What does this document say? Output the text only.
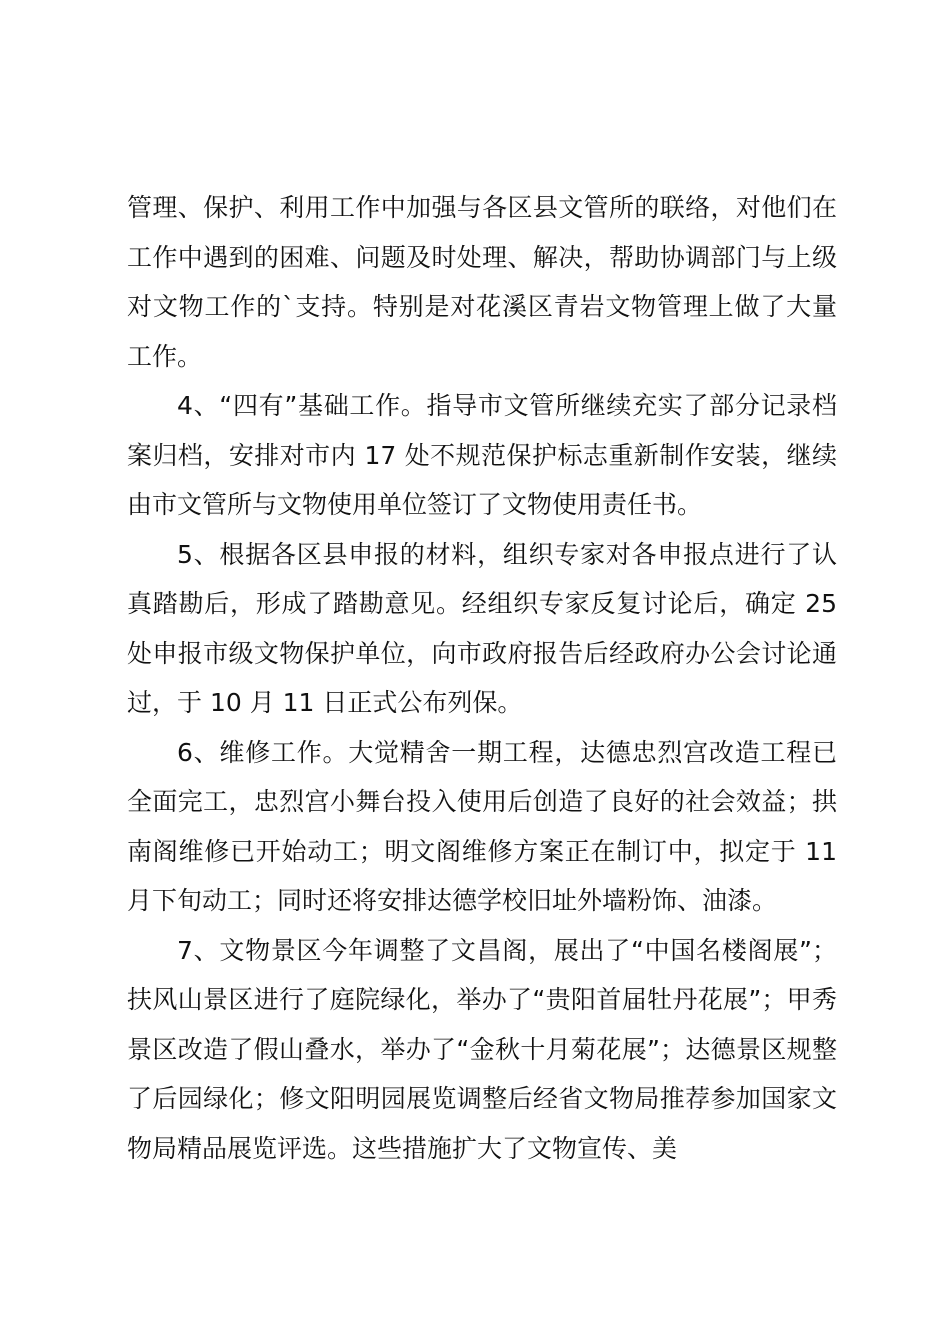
管理、保护、利用工作中加强与各区县文管所的联络，对他们在工作中遇到的困难、问题及时处理、解决，帮助协调部门与上级对文物工作的`支持。特别是对花溪区青岩文物管理上做了大量工作。

4、“四有”基础工作。指导市文管所继续充实了部分记录档案归档，安排对市内 17 处不规范保护标志重新制作安装，继续由市文管所与文物使用单位签订了文物使用责任书。

5、根据各区县申报的材料，组织专家对各申报点进行了认真踏勘后，形成了踏勘意见。经组织专家反复讨论后，确定 25 处申报市级文物保护单位，向市政府报告后经政府办公会讨论通过，于 10 月 11 日正式公布列保。

6、维修工作。大觉精舍一期工程，达德忠烈宫改造工程已全面完工，忠烈宫小舞台投入使用后创造了良好的社会效益；拱南阁维修已开始动工；明文阁维修方案正在制订中，拟定于 11 月下旬动工；同时还将安排达德学校旧址外墙粉饰、油漆。

7、文物景区今年调整了文昌阁，展出了“中国名楼阁展”；扶风山景区进行了庭院绿化，举办了“贵阳首届牡丹花展”；甲秀景区改造了假山叠水，举办了“金秋十月菊花展”；达德景区规整了后园绿化；修文阳明园展览调整后经省文物局推荐参加国家文物局精品展览评选。这些措施扩大了文物宣传、美
